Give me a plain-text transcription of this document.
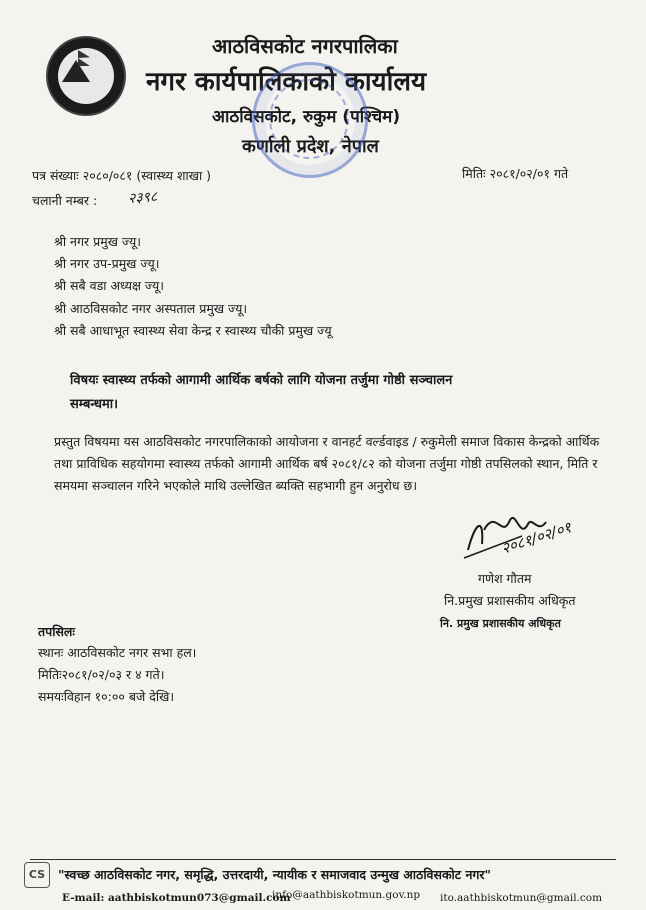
आठविसकोट नगरपालिका
नगर कार्यपालिकाको कार्यालय
आठविसकोट, रुकुम (पश्चिम)
कर्णाली प्रदेश, नेपाल
पत्र संख्याः २०८०/०८१ (स्वास्थ्य शाखा )	मितिः २०८१/०२/०१ गते
चलानी नम्बर : २३९८
श्री नगर प्रमुख ज्यू।
श्री नगर उप-प्रमुख ज्यू।
श्री सबै वडा अध्यक्ष ज्यू।
श्री आठविसकोट नगर अस्पताल प्रमुख ज्यू।
श्री सबै आधाभूत स्वास्थ्य सेवा केन्द्र र स्वास्थ्य चौकी प्रमुख ज्यू
विषयः स्वास्थ्य तर्फको आगामी आर्थिक बर्षको लागि योजना तर्जुमा गोष्ठी सञ्चालन
सम्बन्धमा।
प्रस्तुत विषयमा यस आठविसकोट नगरपालिकाको आयोजना र वानहर्ट वर्ल्डवाइड / रुकुमेली समाज विकास केन्द्रको आर्थिक तथा प्राविधिक सहयोगमा स्वास्थ्य तर्फको आगामी आर्थिक बर्ष २०८१/८२ को योजना तर्जुमा गोष्ठी तपसिलको स्थान, मिति र समयमा सञ्चालन गरिने भएकोले माथि उल्लेखित ब्यक्ति सहभागी हुन अनुरोध छ।
२०८१/०२/०१
गणेश गौतम
नि.प्रमुख प्रशासकीय अधिकृत
नि. प्रमुख प्रशासकीय अधिकृत
तपसिलः
स्थानः आठविसकोट नगर सभा हल।
मितिः२०८१/०२/०३ र ४ गते।
समयःविहान १०:०० बजे देखि।
CS	"स्वच्छ आठविसकोट नगर, समृद्धि, उत्तरदायी, न्यायीक र समाजवाद उन्मुख आठविसकोट नगर"
E-mail: aathbiskotmun073@gmail.com
info@aathbiskotmun.gov.np ito.aathbiskotmun@gmail.com
